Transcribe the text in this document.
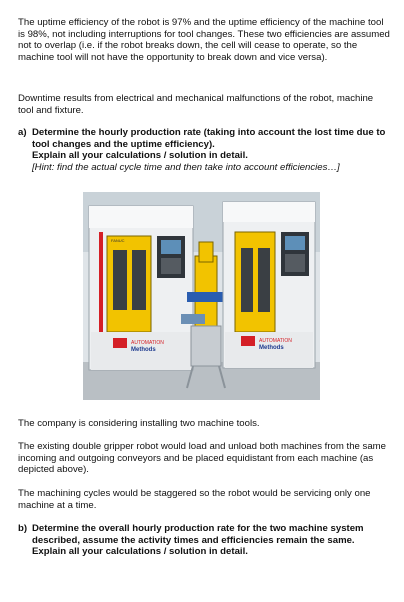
The uptime efficiency of the robot is 97% and the uptime efficiency of the machine tool is 98%, not including interruptions for tool changes. These two efficiencies are assumed not to overlap (i.e. if the robot breaks down, the cell will cease to operate, so the machine tool will not have the opportunity to break down and vice versa).

Downtime results from electrical and mechanical malfunctions of the robot, machine tool and fixture.

a) Determine the hourly production rate (taking into account the lost time due to tool changes and the uptime efficiency).
Explain all your calculations / solution in detail.
[Hint: find the actual cycle time and then take into account efficiencies…]
AUTOMATION
Methods
AUTOMATION
Methods
FANUC

The company is considering installing two machine tools.

The existing double gripper robot would load and unload both machines from the same incoming and outgoing conveyors and be placed equidistant from each machine (as depicted above).

The machining cycles would be staggered so the robot would be servicing only one machine at a time.

b) Determine the overall hourly production rate for the two machine system described, assume the activity times and efficiencies remain the same. Explain all your calculations / solution in detail.
